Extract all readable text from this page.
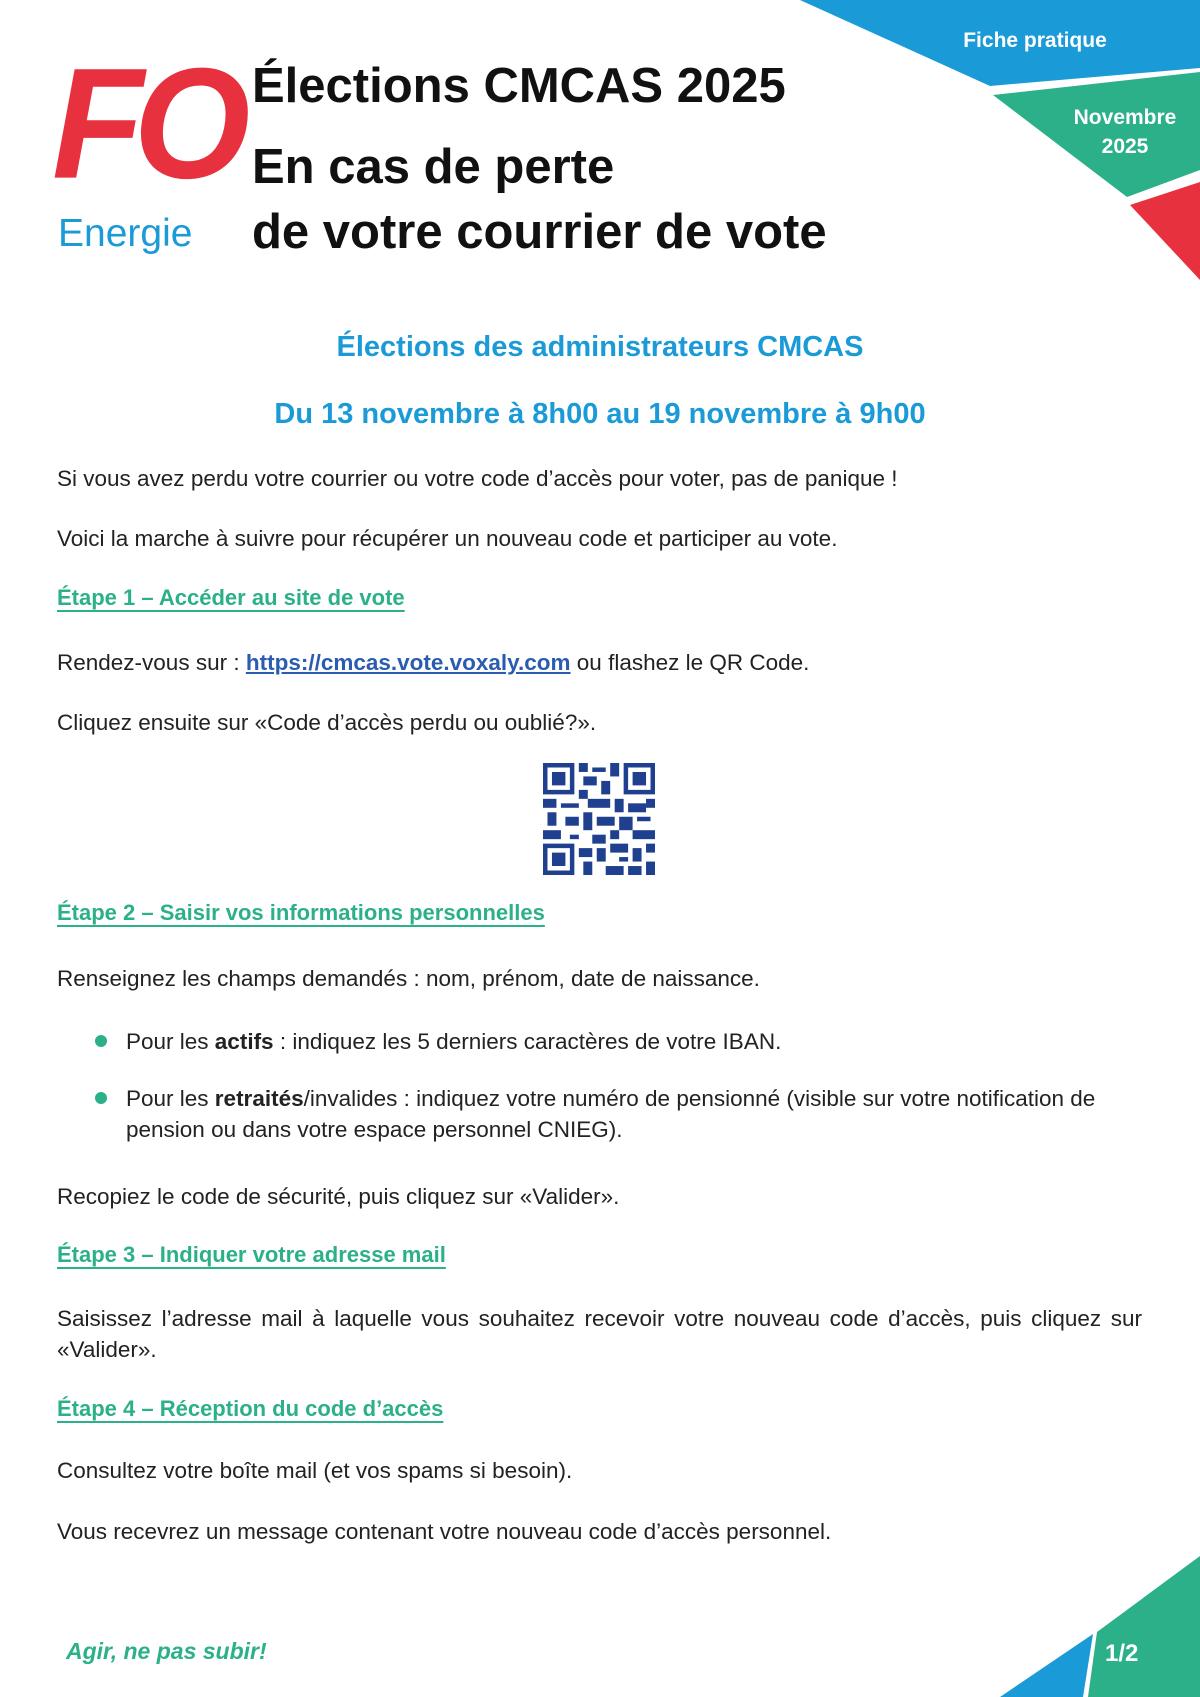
Fiche pratique
Novembre
2025
FO
Energie
Élections CMCAS 2025
En cas de perte
de votre courrier de vote
Élections des administrateurs CMCAS
Du 13 novembre à 8h00 au 19 novembre à 9h00
Si vous avez perdu votre courrier ou votre code d’accès pour voter, pas de panique !
Voici la marche à suivre pour récupérer un nouveau code et participer au vote.
Étape 1 – Accéder au site de vote
Rendez-vous sur : https://cmcas.vote.voxaly.com ou flashez le QR Code.
Cliquez ensuite sur «Code d’accès perdu ou oublié?».
Étape 2 – Saisir vos informations personnelles
Renseignez les champs demandés : nom, prénom, date de naissance.
Pour les actifs : indiquez les 5 derniers caractères de votre IBAN.
Pour les retraités/invalides : indiquez votre numéro de pensionné (visible sur votre notification de pension ou dans votre espace personnel CNIEG).
Recopiez le code de sécurité, puis cliquez sur «Valider».
Étape 3 – Indiquer votre adresse mail
Saisissez l’adresse mail à laquelle vous souhaitez recevoir votre nouveau code d’accès, puis cliquez sur «Valider».
Étape 4 – Réception du code d’accès
Consultez votre boîte mail (et vos spams si besoin).
Vous recevrez un message contenant votre nouveau code d’accès personnel.
Agir, ne pas subir!	1/2
